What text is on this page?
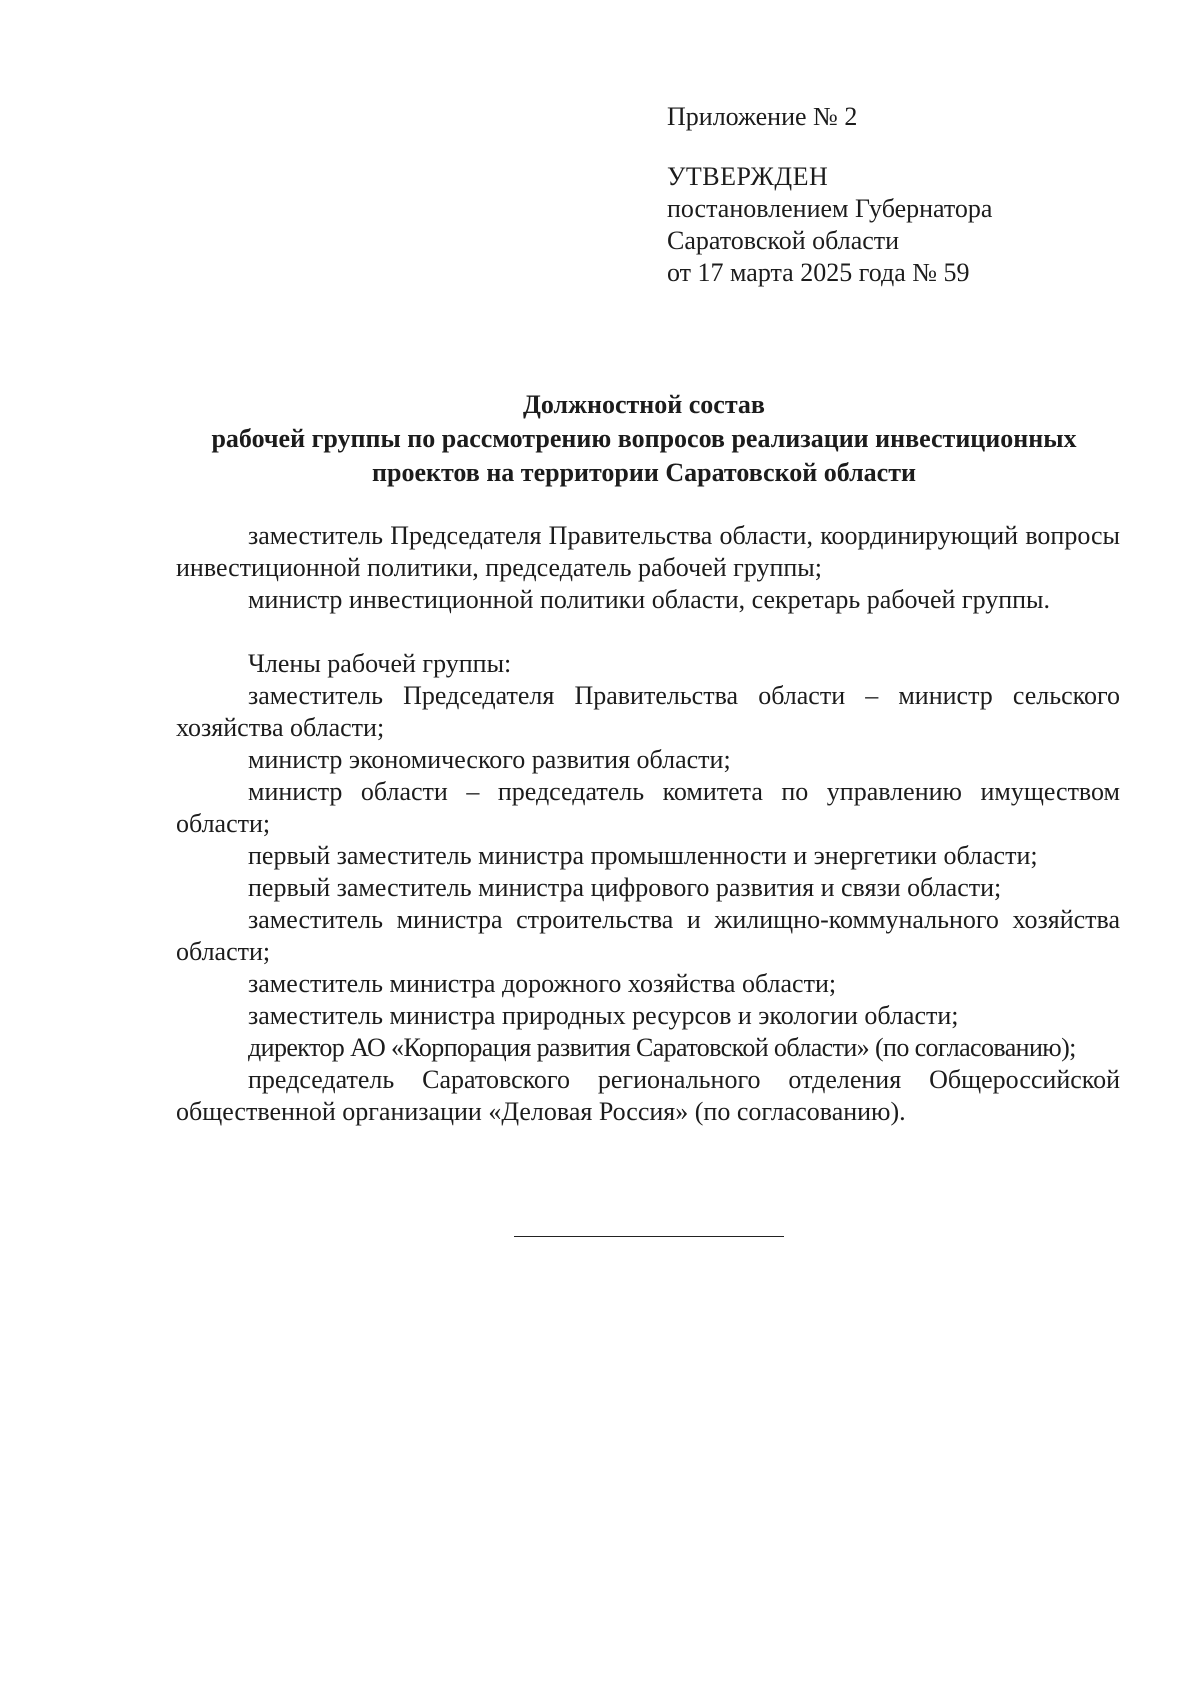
Приложение № 2
УТВЕРЖДЕН
постановлением Губернатора
Саратовской области
от 17 марта 2025 года № 59
Должностной состав
рабочей группы по рассмотрению вопросов реализации инвестиционных
проектов на территории Саратовской области

заместитель Председателя Правительства области, координирующий вопросы инвестиционной политики, председатель рабочей группы;

министр инвестиционной политики области, секретарь рабочей группы.

Члены рабочей группы:

заместитель Председателя Правительства области – министр сельского хозяйства области;

министр экономического развития области;

министр области – председатель комитета по управлению имуществом области;

первый заместитель министра промышленности и энергетики области;

первый заместитель министра цифрового развития и связи области;

заместитель министра строительства и жилищно-коммунального хозяйства области;

заместитель министра дорожного хозяйства области;

заместитель министра природных ресурсов и экологии области;

директор АО «Корпорация развития Саратовской области» (по согласованию);

председатель Саратовского регионального отделения Общероссийской общественной организации «Деловая Россия» (по согласованию).
